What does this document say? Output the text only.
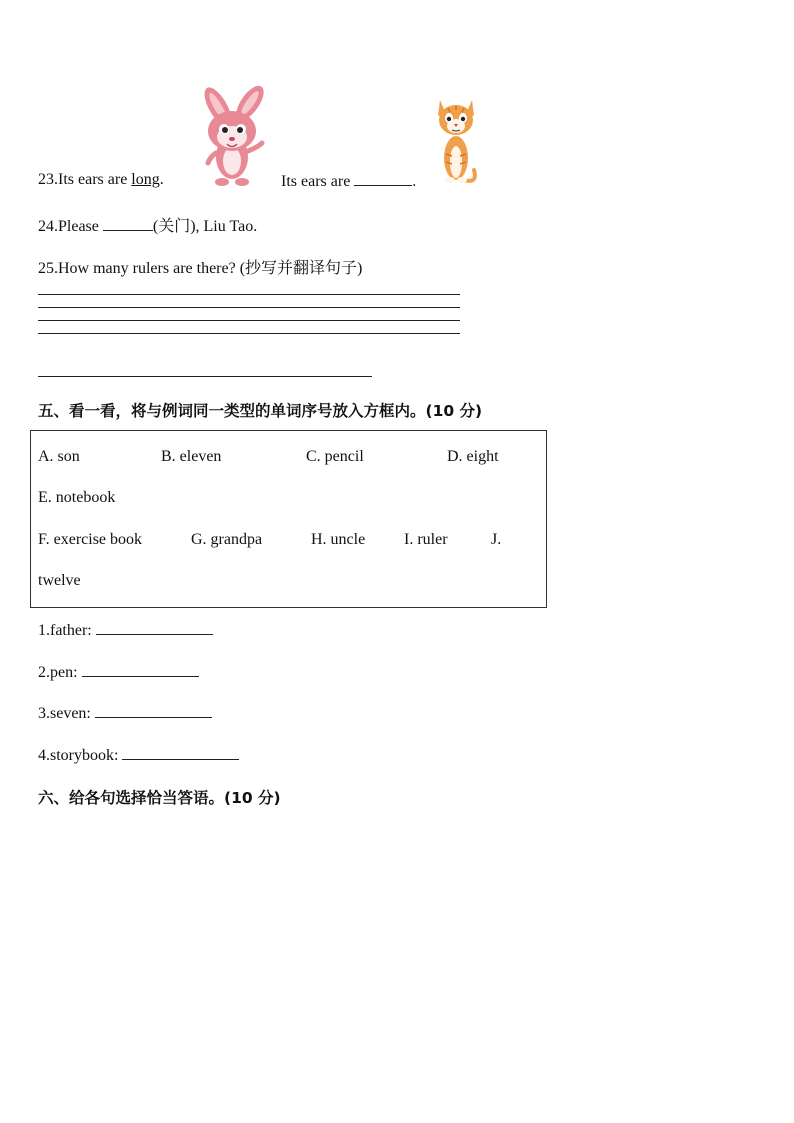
23.Its ears are long.	Its ears are	.
24.Please	(关门), Liu Tao.
25.How many rulers are there? (抄写并翻译句子)
五、看一看，将与例词同一类型的单词序号放入方框内。(10 分)
A. son	B. eleven	C. pencil	D. eight
E. notebook
F. exercise book	G. grandpa	H. uncle I. ruler	J.
twelve
1.father:
2.pen:
3.seven:
4.storybook:
六、给各句选择恰当答语。(10 分)
